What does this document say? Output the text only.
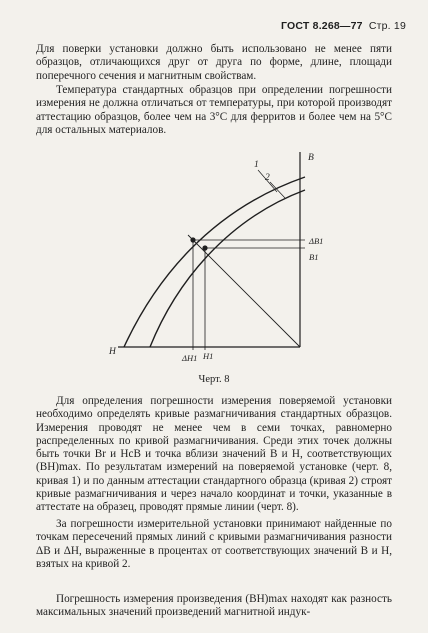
ГОСТ 8.268—77 Стр. 19

Для поверки установки должно быть использовано не менее пяти образцов, отличающихся друг от друга по форме, длине, площади поперечного сечения и магнитным свойствам.

Температура стандартных образцов при определении погрешности измерения не должна отличаться от температуры, при которой производят аттестацию образцов, более чем на 3°С для ферритов и более чем на 5°С для остальных материалов.

B
H
1
2
ΔB1
B1
ΔH1 H1
Черт. 8

Для определения погрешности измерения поверяемой установки необходимо определять кривые размагничивания стандартных образцов. Измерения проводят не менее чем в семи точках, равномерно распределенных по кривой размагничивания. Среди этих точек должны быть точки Br и HсB и точка вблизи значений B и H, соответствующих (BH)max. По результатам измерений на поверяемой установке (черт. 8, кривая 1) и по данным аттестации стандартного образца (кривая 2) строят кривые размагничивания и через начало координат и точки, указанные в аттестате на образец, проводят прямые линии (черт. 8).

За погрешности измерительной установки принимают найденные по точкам пересечений прямых линий с кривыми размагничивания разности ΔB и ΔH, выраженные в процентах от соответствующих значений B и H, взятых на кривой 2.

Погрешность измерения произведения (BH)max находят как разность максимальных значений произведений магнитной индук-
